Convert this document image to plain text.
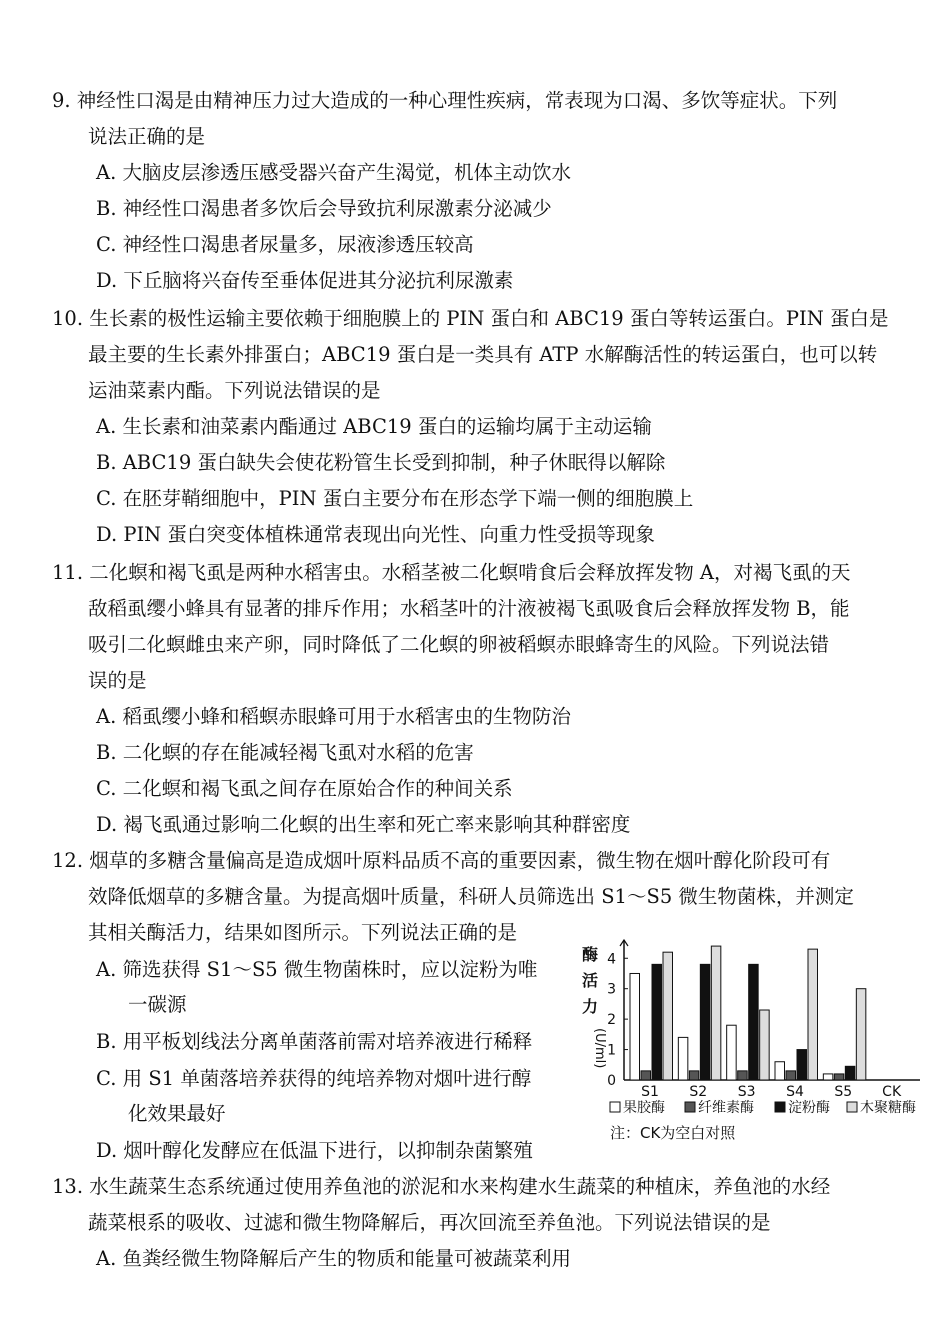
9. 神经性口渴是由精神压力过大造成的一种心理性疾病，常表现为口渴、多饮等症状。下列
说法正确的是
A. 大脑皮层渗透压感受器兴奋产生渴觉，机体主动饮水
B. 神经性口渴患者多饮后会导致抗利尿激素分泌减少
C. 神经性口渴患者尿量多，尿液渗透压较高
D. 下丘脑将兴奋传至垂体促进其分泌抗利尿激素
10. 生长素的极性运输主要依赖于细胞膜上的 PIN 蛋白和 ABC19 蛋白等转运蛋白。PIN 蛋白是
最主要的生长素外排蛋白；ABC19 蛋白是一类具有 ATP 水解酶活性的转运蛋白，也可以转
运油菜素内酯。下列说法错误的是
A. 生长素和油菜素内酯通过 ABC19 蛋白的运输均属于主动运输
B. ABC19 蛋白缺失会使花粉管生长受到抑制，种子休眠得以解除
C. 在胚芽鞘细胞中，PIN 蛋白主要分布在形态学下端一侧的细胞膜上
D. PIN 蛋白突变体植株通常表现出向光性、向重力性受损等现象
11. 二化螟和褐飞虱是两种水稻害虫。水稻茎被二化螟啃食后会释放挥发物 A，对褐飞虱的天
敌稻虱缨小蜂具有显著的排斥作用；水稻茎叶的汁液被褐飞虱吸食后会释放挥发物 B，能
吸引二化螟雌虫来产卵，同时降低了二化螟的卵被稻螟赤眼蜂寄生的风险。下列说法错
误的是
A. 稻虱缨小蜂和稻螟赤眼蜂可用于水稻害虫的生物防治
B. 二化螟的存在能减轻褐飞虱对水稻的危害
C. 二化螟和褐飞虱之间存在原始合作的种间关系
D. 褐飞虱通过影响二化螟的出生率和死亡率来影响其种群密度
12. 烟草的多糖含量偏高是造成烟叶原料品质不高的重要因素，微生物在烟叶醇化阶段可有
效降低烟草的多糖含量。为提高烟叶质量，科研人员筛选出 S1～S5 微生物菌株，并测定
其相关酶活力，结果如图所示。下列说法正确的是
A. 筛选获得 S1～S5 微生物菌株时，应以淀粉为唯
一碳源
B. 用平板划线法分离单菌落前需对培养液进行稀释
C. 用 S1 单菌落培养获得的纯培养物对烟叶进行醇
化效果最好
D. 烟叶醇化发酵应在低温下进行，以抑制杂菌繁殖
13. 水生蔬菜生态系统通过使用养鱼池的淤泥和水来构建水生蔬菜的种植床，养鱼池的水经
蔬菜根系的吸收、过滤和微生物降解后，再次回流至养鱼池。下列说法错误的是
A. 鱼粪经微生物降解后产生的物质和能量可被蔬菜利用
酶
活
力
(U/ml)
0
1
2
3
4
S1 S2 S3 S4 S5 CK
果胶酶 纤维素酶 淀粉酶 木聚糖酶
注：CK为空白对照
